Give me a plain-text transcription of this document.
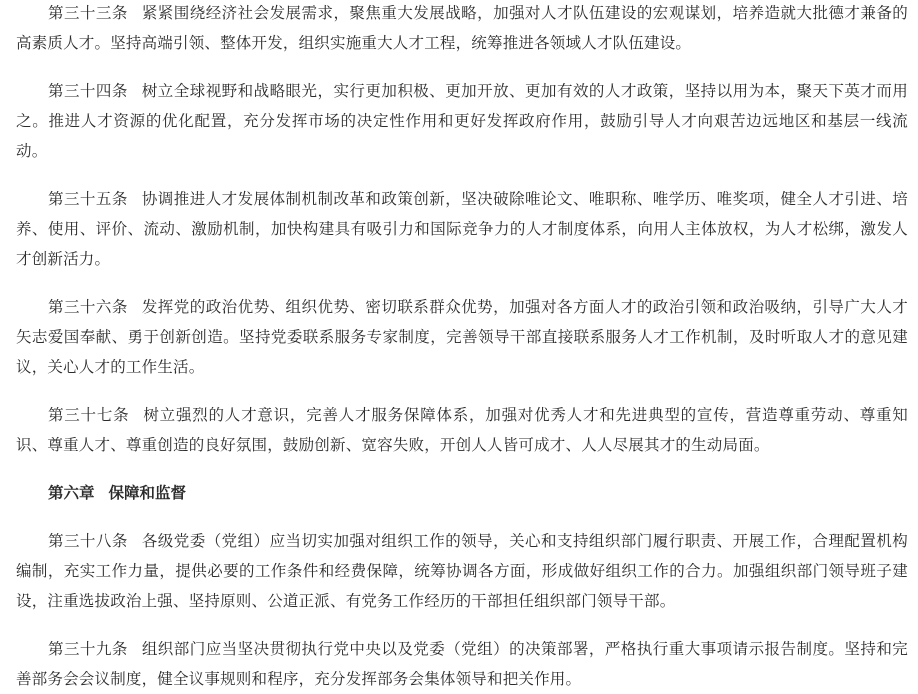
第三十三条 紧紧围绕经济社会发展需求，聚焦重大发展战略，加强对人才队伍建设的宏观谋划，培养造就大批德才兼备的高素质人才。坚持高端引领、整体开发，组织实施重大人才工程，统筹推进各领域人才队伍建设。

第三十四条 树立全球视野和战略眼光，实行更加积极、更加开放、更加有效的人才政策，坚持以用为本，聚天下英才而用之。推进人才资源的优化配置，充分发挥市场的决定性作用和更好发挥政府作用，鼓励引导人才向艰苦边远地区和基层一线流动。

第三十五条 协调推进人才发展体制机制改革和政策创新，坚决破除唯论文、唯职称、唯学历、唯奖项，健全人才引进、培养、使用、评价、流动、激励机制，加快构建具有吸引力和国际竞争力的人才制度体系，向用人主体放权，为人才松绑，激发人才创新活力。

第三十六条 发挥党的政治优势、组织优势、密切联系群众优势，加强对各方面人才的政治引领和政治吸纳，引导广大人才矢志爱国奉献、勇于创新创造。坚持党委联系服务专家制度，完善领导干部直接联系服务人才工作机制，及时听取人才的意见建议，关心人才的工作生活。

第三十七条 树立强烈的人才意识，完善人才服务保障体系，加强对优秀人才和先进典型的宣传，营造尊重劳动、尊重知识、尊重人才、尊重创造的良好氛围，鼓励创新、宽容失败，开创人人皆可成才、人人尽展其才的生动局面。

第六章 保障和监督

第三十八条 各级党委（党组）应当切实加强对组织工作的领导，关心和支持组织部门履行职责、开展工作，合理配置机构编制，充实工作力量，提供必要的工作条件和经费保障，统筹协调各方面，形成做好组织工作的合力。加强组织部门领导班子建设，注重选拔政治上强、坚持原则、公道正派、有党务工作经历的干部担任组织部门领导干部。

第三十九条 组织部门应当坚决贯彻执行党中央以及党委（党组）的决策部署，严格执行重大事项请示报告制度。坚持和完善部务会会议制度，健全议事规则和程序，充分发挥部务会集体领导和把关作用。
